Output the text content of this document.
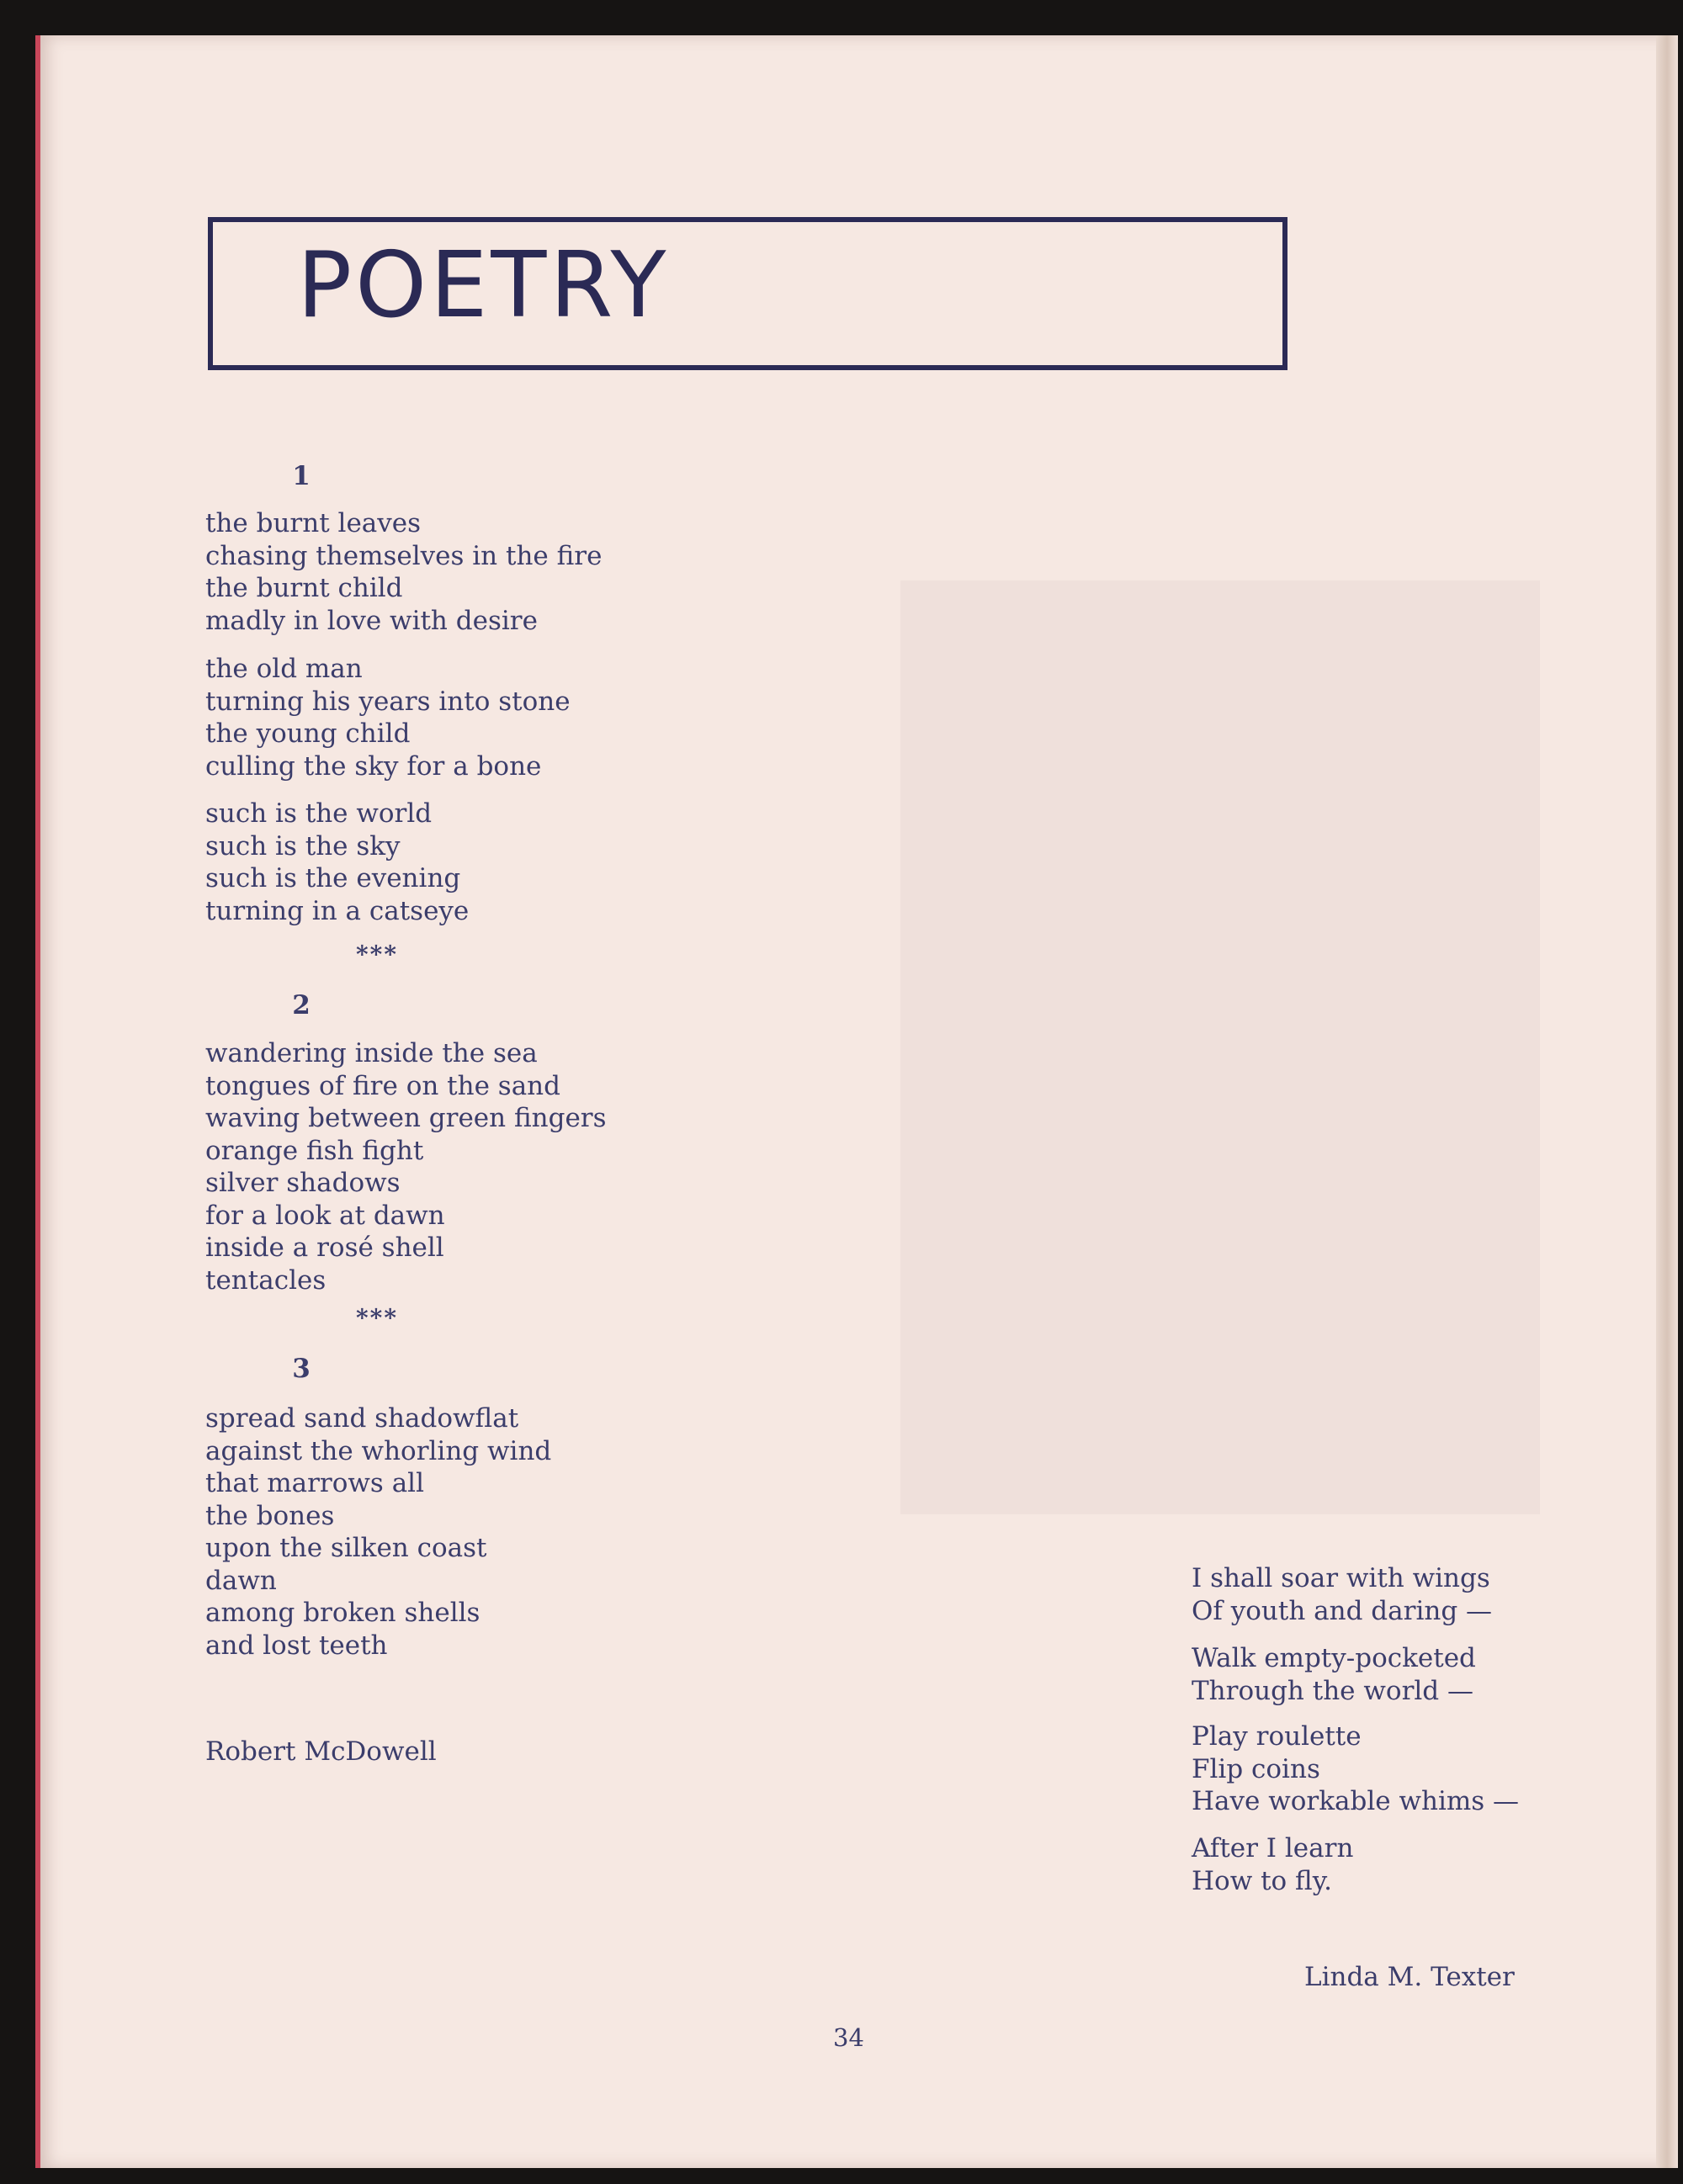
POETRY
1
the burnt leaves
chasing themselves in the fire
the burnt child
madly in love with desire
the old man
turning his years into stone
the young child
culling the sky for a bone
such is the world
such is the sky
such is the evening
turning in a catseye
***
2
wandering inside the sea
tongues of fire on the sand
waving between green fingers
orange fish fight
silver shadows
for a look at dawn
inside a rosé shell
tentacles
***
3
spread sand shadowflat
against the whorling wind
that marrows all
the bones
upon the silken coast
dawn
among broken shells
and lost teeth
Robert McDowell
I shall soar with wings
Of youth and daring —
Walk empty-pocketed
Through the world —
Play roulette
Flip coins
Have workable whims —
After I learn
How to fly.
Linda M. Texter
34
